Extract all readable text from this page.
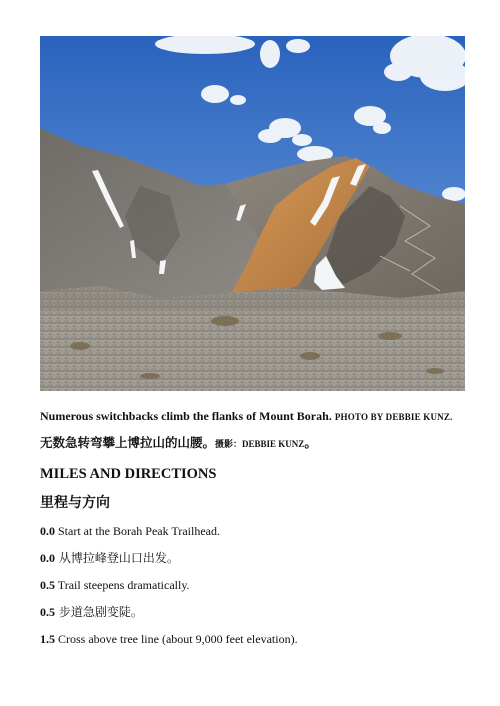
Numerous switchbacks climb the flanks of Mount Borah. PHOTO BY DEBBIE KUNZ.
无数急转弯攀上博拉山的山腰。摄影：DEBBIE KUNZ。
MILES AND DIRECTIONS
里程与方向
0.0 Start at the Borah Peak Trailhead.
0.0 从博拉峰登山口出发。
0.5 Trail steepens dramatically.
0.5 步道急剧变陡。
1.5 Cross above tree line (about 9,000 feet elevation).
